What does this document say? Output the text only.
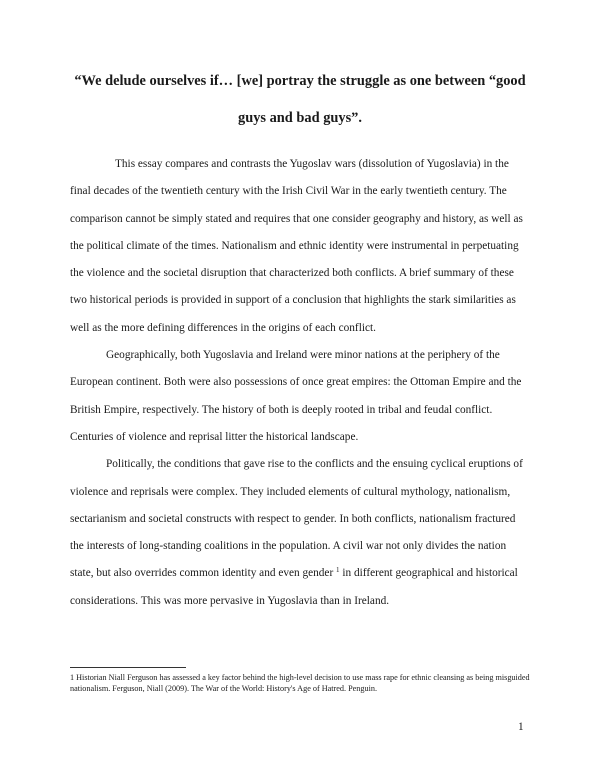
“We delude ourselves if… [we] portray the struggle as one between “good
guys and bad guys”.

This essay compares and contrasts the Yugoslav wars (dissolution of Yugoslavia) in the final decades of the twentieth century with the Irish Civil War in the early twentieth century. The comparison cannot be simply stated and requires that one consider geography and history, as well as the political climate of the times. Nationalism and ethnic identity were instrumental in perpetuating the violence and the societal disruption that characterized both conflicts. A brief summary of these two historical periods is provided in support of a conclusion that highlights the stark similarities as well as the more defining differences in the origins of each conflict.

Geographically, both Yugoslavia and Ireland were minor nations at the periphery of the European continent. Both were also possessions of once great empires: the Ottoman Empire and the British Empire, respectively. The history of both is deeply rooted in tribal and feudal conflict. Centuries of violence and reprisal litter the historical landscape.

Politically, the conditions that gave rise to the conflicts and the ensuing cyclical eruptions of violence and reprisals were complex. They included elements of cultural mythology, nationalism, sectarianism and societal constructs with respect to gender. In both conflicts, nationalism fractured the interests of long-standing coalitions in the population. A civil war not only divides the nation state, but also overrides common identity and even gender $^1$ in different geographical and historical considerations. This was more pervasive in Yugoslavia than in Ireland.

1 Historian Niall Ferguson has assessed a key factor behind the high-level decision to use mass rape for ethnic cleansing as being misguided nationalism. Ferguson, Niall (2009). The War of the World: History's Age of Hatred. Penguin.

1
